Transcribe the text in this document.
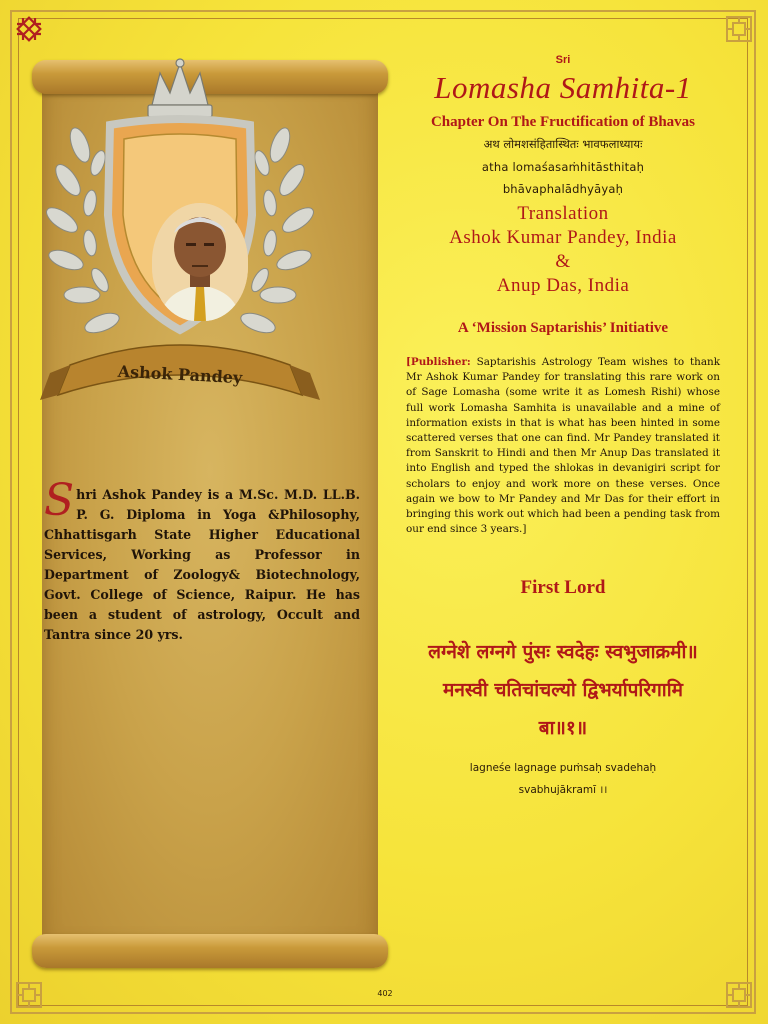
Ashok Pandey
Shri Ashok Pandey is a M.Sc. M.D. LL.B. P. G. Diploma in Yoga &Philosophy, Chhattisgarh State Higher Educational Services, Working as Professor in Department of Zoology& Biotechnology, Govt. College of Science, Raipur. He has been a student of astrology, Occult and Tantra since 20 yrs.
Sri
Lomasha Samhita-1
Chapter On The Fructification of Bhavas
अथ लोमशसंहितास्थितः भावफलाध्यायः
atha lomaśasaṁhitāsthitaḥ
bhāvaphalādhyāyaḥ
Translation
Ashok Kumar Pandey, India
&
Anup Das, India
A ‘Mission Saptarishis’ Initiative
[Publisher: Saptarishis Astrology Team wishes to thank Mr Ashok Kumar Pandey for translating this rare work on of Sage Lomasha (some write it as Lomesh Rishi) whose full work Lomasha Samhita is unavailable and a mine of information exists in that is what has been hinted in some scattered verses that one can find. Mr Pandey translated it from Sanskrit to Hindi and then Mr Anup Das translated it into English and typed the shlokas in devanigiri script for scholars to enjoy and work more on these verses. Once again we bow to Mr Pandey and Mr Das for their effort in bringing this work out which had been a pending task from our end since 3 years.]
First Lord
लग्नेशे लग्नगे पुंसः स्वदेहः स्वभुजाक्रमी॥
मनस्वी चतिचांचल्यो द्विभर्यापरिगामि
बा॥१॥
lagneśe lagnage puṁsaḥ svadehaḥ
svabhujākramī ।।
402
